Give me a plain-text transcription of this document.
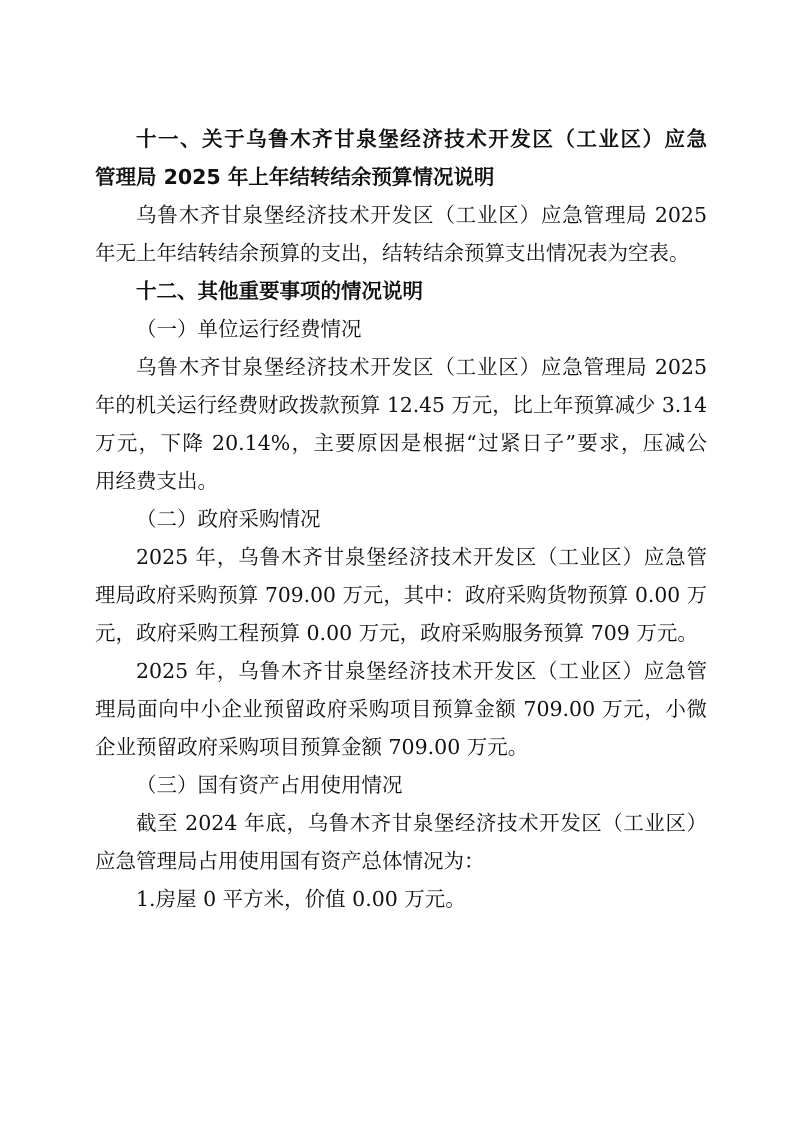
十一、关于乌鲁木齐甘泉堡经济技术开发区（工业区）应急
管理局 2025 年上年结转结余预算情况说明
乌鲁木齐甘泉堡经济技术开发区（工业区）应急管理局 2025
年无上年结转结余预算的支出，结转结余预算支出情况表为空表。
十二、其他重要事项的情况说明
（一）单位运行经费情况
乌鲁木齐甘泉堡经济技术开发区（工业区）应急管理局 2025
年的机关运行经费财政拨款预算 12.45 万元，比上年预算减少 3.14
万元，下降 20.14%，主要原因是根据“过紧日子”要求，压减公
用经费支出。
（二）政府采购情况
2025 年，乌鲁木齐甘泉堡经济技术开发区（工业区）应急管
理局政府采购预算 709.00 万元，其中：政府采购货物预算 0.00 万
元，政府采购工程预算 0.00 万元，政府采购服务预算 709 万元。
2025 年，乌鲁木齐甘泉堡经济技术开发区（工业区）应急管
理局面向中小企业预留政府采购项目预算金额 709.00 万元，小微
企业预留政府采购项目预算金额 709.00 万元。
（三）国有资产占用使用情况
截至 2024 年底，乌鲁木齐甘泉堡经济技术开发区（工业区）
应急管理局占用使用国有资产总体情况为：
1.房屋 0 平方米，价值 0.00 万元。
